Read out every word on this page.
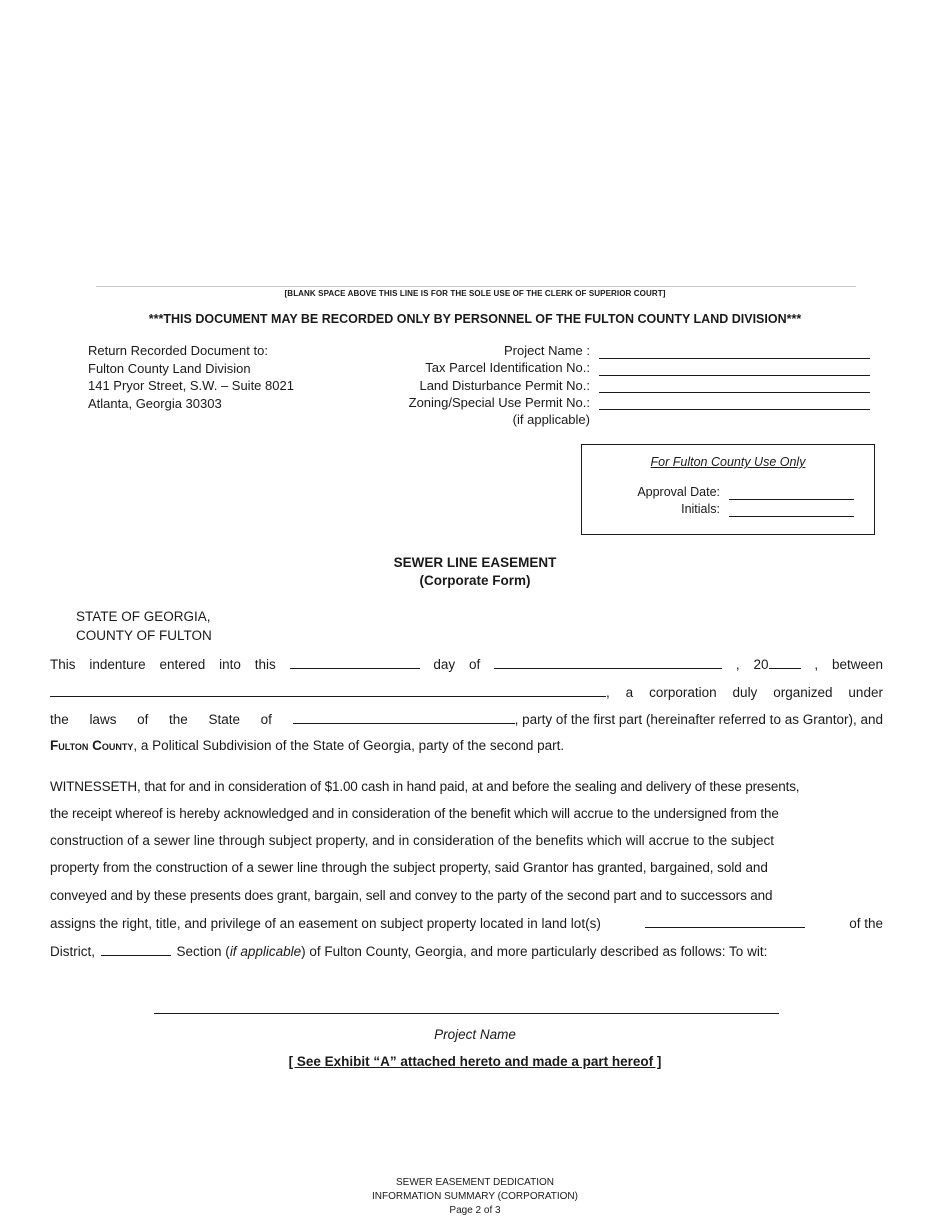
[BLANK SPACE ABOVE THIS LINE IS FOR THE SOLE USE OF THE CLERK OF SUPERIOR COURT]
***THIS DOCUMENT MAY BE RECORDED ONLY BY PERSONNEL OF THE FULTON COUNTY LAND DIVISION***
Return Recorded Document to:
Fulton County Land Division
141 Pryor Street, S.W. – Suite 8021
Atlanta, Georgia 30303
Project Name :
Tax Parcel Identification No.:
Land Disturbance Permit No.:
Zoning/Special Use Permit No.:
(if applicable)
For Fulton County Use Only
Approval Date:
Initials:
SEWER LINE EASEMENT
(Corporate Form)
STATE OF GEORGIA,
COUNTY OF FULTON
This indenture entered into this	day of	, 20	, between
, a corporation duly organized under
the laws of the State of	, party of the first part (hereinafter referred to as Grantor), and
Fulton County, a Political Subdivision of the State of Georgia, party of the second part.
WITNESSETH, that for and in consideration of $1.00 cash in hand paid, at and before the sealing and delivery of these presents,
the receipt whereof is hereby acknowledged and in consideration of the benefit which will accrue to the undersigned from the
construction of a sewer line through subject property, and in consideration of the benefits which will accrue to the subject
property from the construction of a sewer line through the subject property, said Grantor has granted, bargained, sold and
conveyed and by these presents does grant, bargain, sell and convey to the party of the second part and to successors and
assigns the right, title, and privilege of an easement on subject property located in land lot(s)	of the
District,	Section (if applicable) of Fulton County, Georgia, and more particularly described as follows: To wit:
Project Name
[ See Exhibit “A” attached hereto and made a part hereof ]
SEWER EASEMENT DEDICATION
INFORMATION SUMMARY (CORPORATION)
Page 2 of 3
